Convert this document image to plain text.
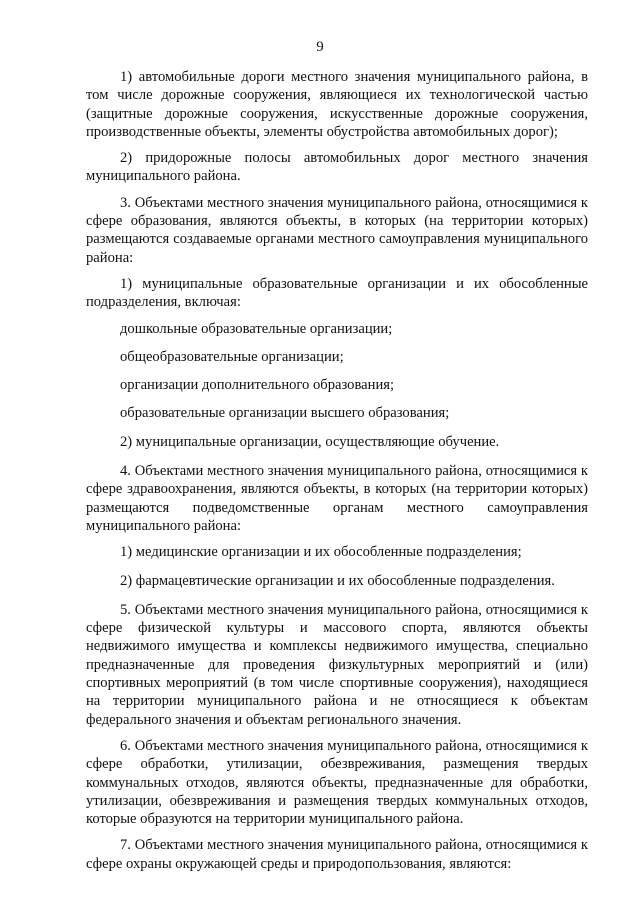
9

1) автомобильные дороги местного значения муниципального района, в том числе дорожные сооружения, являющиеся их технологической частью (защитные дорожные сооружения, искусственные дорожные сооружения, производственные объекты, элементы обустройства автомобильных дорог);

2) придорожные полосы автомобильных дорог местного значения муниципального района.

3. Объектами местного значения муниципального района, относящимися к сфере образования, являются объекты, в которых (на территории которых) размещаются создаваемые органами местного самоуправления муниципального района:

1) муниципальные образовательные организации и их обособленные подразделения, включая:

дошкольные образовательные организации;

общеобразовательные организации;

организации дополнительного образования;

образовательные организации высшего образования;

2) муниципальные организации, осуществляющие обучение.

4. Объектами местного значения муниципального района, относящимися к сфере здравоохранения, являются объекты, в которых (на территории которых) размещаются подведомственные органам местного самоуправления муниципального района:

1) медицинские организации и их обособленные подразделения;

2) фармацевтические организации и их обособленные подразделения.

5. Объектами местного значения муниципального района, относящимися к сфере физической культуры и массового спорта, являются объекты недвижимого имущества и комплексы недвижимого имущества, специально предназначенные для проведения физкультурных мероприятий и (или) спортивных мероприятий (в том числе спортивные сооружения), находящиеся на территории муниципального района и не относящиеся к объектам федерального значения и объектам регионального значения.

6. Объектами местного значения муниципального района, относящимися к сфере обработки, утилизации, обезвреживания, размещения твердых коммунальных отходов, являются объекты, предназначенные для обработки, утилизации, обезвреживания и размещения твердых коммунальных отходов, которые образуются на территории муниципального района.

7. Объектами местного значения муниципального района, относящимися к сфере охраны окружающей среды и природопользования, являются:
